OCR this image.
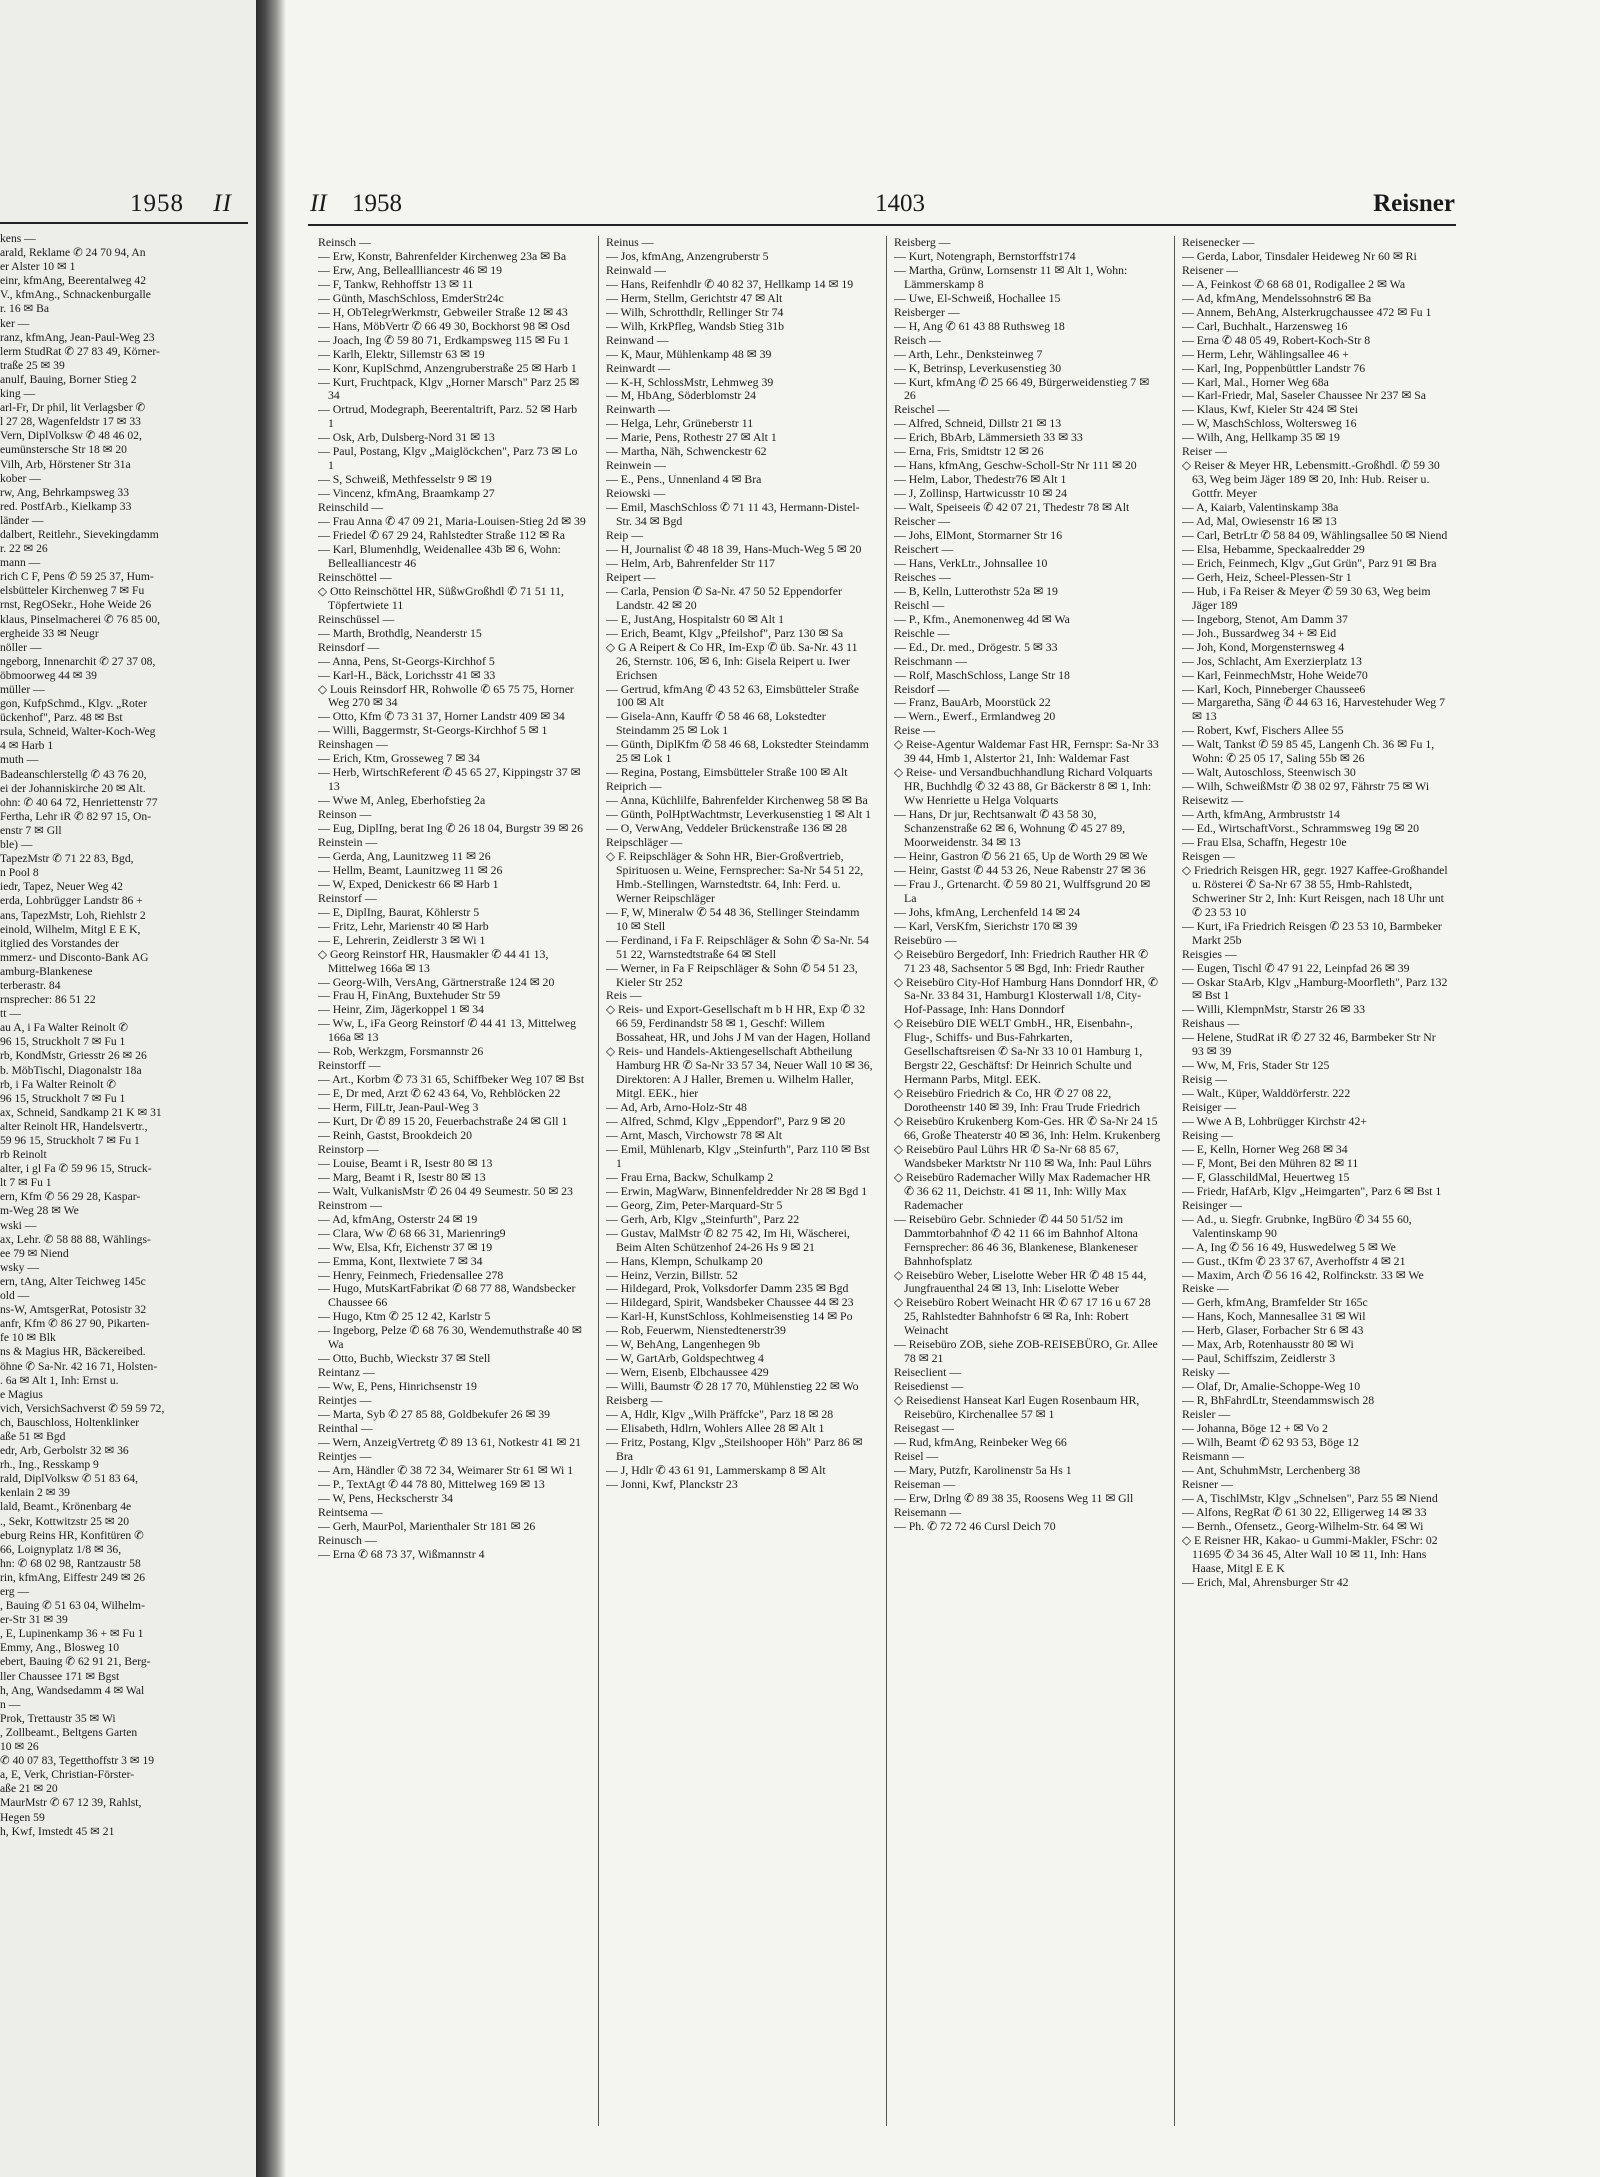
1958 II
kens —
arald, Reklame ✆ 24 70 94, An
er Alster 10 ✉ 1
einr, kfmAng, Beerentalweg 42
V., kfmAng., Schnackenburgalle
r. 16 ✉ Ba
ker —
ranz, kfmAng, Jean-Paul-Weg 23
lerm StudRat ✆ 27 83 49, Körner-
traße 25 ✉ 39
anulf, Bauing, Borner Stieg 2
king —
arl-Fr, Dr phil, lit Verlagsber ✆
l 27 28, Wagenfeldstr 17 ✉ 33
Vern, DiplVolksw ✆ 48 46 02,
eumünstersche Str 18 ✉ 20
Vilh, Arb, Hörstener Str 31a
kober —
rw, Ang, Behrkampsweg 33
red. PostfArb., Kielkamp 33
länder —
dalbert, Reitlehr., Sievekingdamm
r. 22 ✉ 26
mann —
rich C F, Pens ✆ 59 25 37, Hum-
elsbütteler Kirchenweg 7 ✉ Fu
rnst, RegOSekr., Hohe Weide 26
klaus, Pinselmacherei ✆ 76 85 00,
ergheide 33 ✉ Neugr
nöller —
ngeborg, Innenarchit ✆ 27 37 08,
öbmoorweg 44 ✉ 39
müller —
gon, KufpSchmd., Klgv. „Roter
ückenhof", Parz. 48 ✉ Bst
rsula, Schneid, Walter-Koch-Weg
4 ✉ Harb 1
muth —
Badeanschlerstellg ✆ 43 76 20,
ei der Johanniskirche 20 ✉ Alt.
ohn: ✆ 40 64 72, Henriettenstr 77
Fertha, Lehr iR ✆ 82 97 15, On-
enstr 7 ✉ Gll
ble) —
TapezMstr ✆ 71 22 83, Bgd,
n Pool 8
iedr, Tapez, Neuer Weg 42
erda, Lohbrügger Landstr 86 +
ans, TapezMstr, Loh, Riehlstr 2
einold, Wilhelm, Mitgl E E K,
itglied des Vorstandes der
mmerz- und Disconto-Bank AG
amburg-Blankenese
terberastr. 84
rnsprecher: 86 51 22
tt —
au A, i Fa Walter Reinolt ✆
96 15, Struckholt 7 ✉ Fu 1
rb, KondMstr, Griesstr 26 ✉ 26
b. MöbTischl, Diagonalstr 18a
rb, i Fa Walter Reinolt ✆
96 15, Struckholt 7 ✉ Fu 1
ax, Schneid, Sandkamp 21 K ✉ 31
alter Reinolt HR, Handelsvertr.,
59 96 15, Struckholt 7 ✉ Fu 1
rb Reinolt
alter, i gl Fa ✆ 59 96 15, Struck-
lt 7 ✉ Fu 1
ern, Kfm ✆ 56 29 28, Kaspar-
m-Weg 28 ✉ We
wski —
ax, Lehr. ✆ 58 88 88, Wählings-
ee 79 ✉ Niend
wsky —
ern, tAng, Alter Teichweg 145c
old —
ns-W, AmtsgerRat, Potosistr 32
anfr, Kfm ✆ 86 27 90, Pikarten-
fe 10 ✉ Blk
ns & Magius HR, Bäckereibed.
öhne ✆ Sa-Nr. 42 16 71, Holsten-
. 6a ✉ Alt 1, Inh: Ernst u.
e Magius
vich, VersichSachverst ✆ 59 59 72,
ch, Bauschloss, Holtenklinker
aße 51 ✉ Bgd
edr, Arb, Gerbolstr 32 ✉ 36
rh., Ing., Resskamp 9
rald, DiplVolksw ✆ 51 83 64,
kenlain 2 ✉ 39
lald, Beamt., Krönenbarg 4e
., Sekr, Kottwitzstr 25 ✉ 20
eburg Reins HR, Konfitüren ✆
66, Loignyplatz 1/8 ✉ 36,
hn: ✆ 68 02 98, Rantzaustr 58
rin, kfmAng, Eiffestr 249 ✉ 26
erg —
, Bauing ✆ 51 63 04, Wilhelm-
er-Str 31 ✉ 39
, E, Lupinenkamp 36 + ✉ Fu 1
Emmy, Ang., Blosweg 10
ebert, Bauing ✆ 62 91 21, Berg-
ller Chaussee 171 ✉ Bgst
h, Ang, Wandsedamm 4 ✉ Wal
n —
Prok, Trettaustr 35 ✉ Wi
, Zollbeamt., Beltgens Garten
10 ✉ 26
✆ 40 07 83, Tegetthoffstr 3 ✉ 19
a, E, Verk, Christian-Förster-
aße 21 ✉ 20
MaurMstr ✆ 67 12 39, Rahlst,
Hegen 59
h, Kwf, Imstedt 45 ✉ 21
II 1958	1403	Reisner
Reinsch —
— Erw, Konstr, Bahrenfelder Kirchenweg 23a ✉ Ba
— Erw, Ang, Belleallliancestr 46 ✉ 19
— F, Tankw, Rehhoffstr 13 ✉ 11
— Günth, MaschSchloss, EmderStr24c
— H, ObTelegrWerkmstr, Gebweiler Straße 12 ✉ 43
— Hans, MöbVertr ✆ 66 49 30, Bockhorst 98 ✉ Osd
— Joach, Ing ✆ 59 80 71, Erdkampsweg 115 ✉ Fu 1
— Karlh, Elektr, Sillemstr 63 ✉ 19
— Konr, KuplSchmd, Anzengruberstraße 25 ✉ Harb 1
— Kurt, Fruchtpack, Klgv „Horner Marsch" Parz 25 ✉ 34
— Ortrud, Modegraph, Beerentaltrift, Parz. 52 ✉ Harb 1
— Osk, Arb, Dulsberg-Nord 31 ✉ 13
— Paul, Postang, Klgv „Maiglöckchen", Parz 73 ✉ Lo 1
— S, Schweiß, Methfesselstr 9 ✉ 19
— Vincenz, kfmAng, Braamkamp 27
Reinschild —
— Frau Anna ✆ 47 09 21, Maria-Louisen-Stieg 2d ✉ 39
— Friedel ✆ 67 29 24, Rahlstedter Straße 112 ✉ Ra
— Karl, Blumenhdlg, Weidenallee 43b ✉ 6, Wohn: Bellealliancestr 46
Reinschöttel —
◇ Otto Reinschöttel HR, SüßwGroßhdl ✆ 71 51 11, Töpfertwiete 11
Reinschüssel —
— Marth, Brothdlg, Neanderstr 15
Reinsdorf —
— Anna, Pens, St-Georgs-Kirchhof 5
— Karl-H., Bäck, Lorichsstr 41 ✉ 33
◇ Louis Reinsdorf HR, Rohwolle ✆ 65 75 75, Horner Weg 270 ✉ 34
— Otto, Kfm ✆ 73 31 37, Horner Landstr 409 ✉ 34
— Willi, Baggermstr, St-Georgs-Kirchhof 5 ✉ 1
Reinshagen —
— Erich, Ktm, Grosseweg 7 ✉ 34
— Herb, WirtschReferent ✆ 45 65 27, Kippingstr 37 ✉ 13
— Wwe M, Anleg, Eberhofstieg 2a
Reinson —
— Eug, DiplIng, berat Ing ✆ 26 18 04, Burgstr 39 ✉ 26
Reinstein —
— Gerda, Ang, Launitzweg 11 ✉ 26
— Hellm, Beamt, Launitzweg 11 ✉ 26
— W, Exped, Denickestr 66 ✉ Harb 1
Reinstorf —
— E, DiplIng, Baurat, Köhlerstr 5
— Fritz, Lehr, Marienstr 40 ✉ Harb
— E, Lehrerin, Zeidlerstr 3 ✉ Wi 1
◇ Georg Reinstorf HR, Hausmakler ✆ 44 41 13, Mittelweg 166a ✉ 13
— Georg-Wilh, VersAng, Gärtnerstraße 124 ✉ 20
— Frau H, FinAng, Buxtehuder Str 59
— Heinr, Zim, Jägerkoppel 1 ✉ 34
— Ww, L, iFa Georg Reinstorf ✆ 44 41 13, Mittelweg 166a ✉ 13
— Rob, Werkzgm, Forsmannstr 26
Reinstorff —
— Art., Korbm ✆ 73 31 65, Schiffbeker Weg 107 ✉ Bst
— E, Dr med, Arzt ✆ 62 43 64, Vo, Rehblöcken 22
— Herm, FilLtr, Jean-Paul-Weg 3
— Kurt, Dr ✆ 89 15 20, Feuerbachstraße 24 ✉ Gll 1
— Reinh, Gastst, Brookdeich 20
Reinstorp —
— Louise, Beamt i R, Isestr 80 ✉ 13
— Marg, Beamt i R, Isestr 80 ✉ 13
— Walt, VulkanisMstr ✆ 26 04 49 Seumestr. 50 ✉ 23
Reinstrom —
— Ad, kfmAng, Osterstr 24 ✉ 19
— Clara, Ww ✆ 68 66 31, Marienring9
— Ww, Elsa, Kfr, Eichenstr 37 ✉ 19
— Emma, Kont, Ilextwiete 7 ✉ 34
— Henry, Feinmech, Friedensallee 278
— Hugo, MutsKartFabrikat ✆ 68 77 88, Wandsbecker Chaussee 66
— Hugo, Ktm ✆ 25 12 42, Karlstr 5
— Ingeborg, Pelze ✆ 68 76 30, Wendemuthstraße 40 ✉ Wa
— Otto, Buchb, Wieckstr 37 ✉ Stell
Reintanz —
— Ww, E, Pens, Hinrichsenstr 19
Reintjes —
— Marta, Syb ✆ 27 85 88, Goldbekufer 26 ✉ 39
Reinthal —
— Wern, AnzeigVertretg ✆ 89 13 61, Notkestr 41 ✉ 21
Reintjes —
— Arn, Händler ✆ 38 72 34, Weimarer Str 61 ✉ Wi 1
— P., TextAgt ✆ 44 78 80, Mittelweg 169 ✉ 13
— W, Pens, Heckscherstr 34
Reintsema —
— Gerh, MaurPol, Marienthaler Str 181 ✉ 26
Reinusch —
— Erna ✆ 68 73 37, Wißmannstr 4
Reinus —
— Jos, kfmAng, Anzengruberstr 5
Reinwald —
— Hans, Reifenhdlr ✆ 40 82 37, Hellkamp 14 ✉ 19
— Herm, Stellm, Gerichtstr 47 ✉ Alt
— Wilh, Schrotthdlr, Rellinger Str 74
— Wilh, KrkPfleg, Wandsb Stieg 31b
Reinwand —
— K, Maur, Mühlenkamp 48 ✉ 39
Reinwardt —
— K-H, SchlossMstr, Lehmweg 39
— M, HbAng, Söderblomstr 24
Reinwarth —
— Helga, Lehr, Grüneberstr 11
— Marie, Pens, Rothestr 27 ✉ Alt 1
— Martha, Näh, Schwenckestr 62
Reinwein —
— E., Pens., Unnenland 4 ✉ Bra
Reiowski —
— Emil, MaschSchloss ✆ 71 11 43, Hermann-Distel-Str. 34 ✉ Bgd
Reip —
— H, Journalist ✆ 48 18 39, Hans-Much-Weg 5 ✉ 20
— Helm, Arb, Bahrenfelder Str 117
Reipert —
— Carla, Pension ✆ Sa-Nr. 47 50 52 Eppendorfer Landstr. 42 ✉ 20
— E, JustAng, Hospitalstr 60 ✉ Alt 1
— Erich, Beamt, Klgv „Pfeilshof", Parz 130 ✉ Sa
◇ G A Reipert & Co HR, Im-Exp ✆ üb. Sa-Nr. 43 11 26, Sternstr. 106, ✉ 6, Inh: Gisela Reipert u. Iwer Erichsen
— Gertrud, kfmAng ✆ 43 52 63, Eimsbütteler Straße 100 ✉ Alt
— Gisela-Ann, Kauffr ✆ 58 46 68, Lokstedter Steindamm 25 ✉ Lok 1
— Günth, DiplKfm ✆ 58 46 68, Lokstedter Steindamm 25 ✉ Lok 1
— Regina, Postang, Eimsbütteler Straße 100 ✉ Alt
Reiprich —
— Anna, Küchlilfe, Bahrenfelder Kirchenweg 58 ✉ Ba
— Günth, PolHptWachtmstr, Leverkusenstieg 1 ✉ Alt 1
— O, VerwAng, Veddeler Brückenstraße 136 ✉ 28
Reipschläger —
◇ F. Reipschläger & Sohn HR, Bier-Großvertrieb, Spirituosen u. Weine, Fernsprecher: Sa-Nr 54 51 22, Hmb.-Stellingen, Warnstedtstr. 64, Inh: Ferd. u. Werner Reipschläger
— F, W, Mineralw ✆ 54 48 36, Stellinger Steindamm 10 ✉ Stell
— Ferdinand, i Fa F. Reipschläger & Sohn ✆ Sa-Nr. 54 51 22, Warnstedtstraße 64 ✉ Stell
— Werner, in Fa F Reipschläger & Sohn ✆ 54 51 23, Kieler Str 252
Reis —
◇ Reis- und Export-Gesellschaft m b H HR, Exp ✆ 32 66 59, Ferdinandstr 58 ✉ 1, Geschf: Willem Bossaheat, HR, und Johs J M van der Hagen, Holland
◇ Reis- und Handels-Aktiengesellschaft Abtheilung Hamburg HR ✆ Sa-Nr 33 57 34, Neuer Wall 10 ✉ 36, Direktoren: A J Haller, Bremen u. Wilhelm Haller, Mitgl. EEK., hier
— Ad, Arb, Arno-Holz-Str 48
— Alfred, Schmd, Klgv „Eppendorf", Parz 9 ✉ 20
— Arnt, Masch, Virchowstr 78 ✉ Alt
— Emil, Mühlenarb, Klgv „Steinfurth", Parz 110 ✉ Bst 1
— Frau Erna, Backw, Schulkamp 2
— Erwin, MagWarw, Binnenfeldredder Nr 28 ✉ Bgd 1
— Georg, Zim, Peter-Marquard-Str 5
— Gerh, Arb, Klgv „Steinfurth", Parz 22
— Gustav, MalMstr ✆ 82 75 42, Im Hi, Wäscherei, Beim Alten Schützenhof 24-26 Hs 9 ✉ 21
— Hans, Klempn, Schulkamp 20
— Heinz, Verzin, Billstr. 52
— Hildegard, Prok, Volksdorfer Damm 235 ✉ Bgd
— Hildegard, Spirit, Wandsbeker Chaussee 44 ✉ 23
— Karl-H, KunstSchloss, Kohlmeisenstieg 14 ✉ Po
— Rob, Feuerwm, Nienstedtenerstr39
— W, BehAng, Langenhegen 9b
— W, GartArb, Goldspechtweg 4
— Wern, Eisenb, Elbchaussee 429
— Willi, Baumstr ✆ 28 17 70, Mühlenstieg 22 ✉ Wo
Reisberg —
— A, Hdlr, Klgv „Wilh Präffcke", Parz 18 ✉ 28
— Elisabeth, Hdlrn, Wohlers Allee 28 ✉ Alt 1
— Fritz, Postang, Klgv „Steilshooper Höh" Parz 86 ✉ Bra
— J, Hdlr ✆ 43 61 91, Lammerskamp 8 ✉ Alt
— Jonni, Kwf, Planckstr 23
Reisberg —
— Kurt, Notengraph, Bernstorffstr174
— Martha, Grünw, Lornsenstr 11 ✉ Alt 1, Wohn: Lämmerskamp 8
— Uwe, El-Schweiß, Hochallee 15
Reisberger —
— H, Ang ✆ 61 43 88 Ruthsweg 18
Reisch —
— Arth, Lehr., Denksteinweg 7
— K, Betrinsp, Leverkusenstieg 30
— Kurt, kfmAng ✆ 25 66 49, Bürgerweidenstieg 7 ✉ 26
Reischel —
— Alfred, Schneid, Dillstr 21 ✉ 13
— Erich, BbArb, Lämmersieth 33 ✉ 33
— Erna, Fris, Smidtstr 12 ✉ 26
— Hans, kfmAng, Geschw-Scholl-Str Nr 111 ✉ 20
— Helm, Labor, Thedestr76 ✉ Alt 1
— J, Zollinsp, Hartwicusstr 10 ✉ 24
— Walt, Speiseeis ✆ 42 07 21, Thedestr 78 ✉ Alt
Reischer —
— Johs, ElMont, Stormarner Str 16
Reischert —
— Hans, VerkLtr., Johnsallee 10
Reisches —
— B, Kelln, Lutterothstr 52a ✉ 19
Reischl —
— P., Kfm., Anemonenweg 4d ✉ Wa
Reischle —
— Ed., Dr. med., Drögestr. 5 ✉ 33
Reischmann —
— Rolf, MaschSchloss, Lange Str 18
Reisdorf —
— Franz, BauArb, Moorstück 22
— Wern., Ewerf., Ermlandweg 20
Reise —
◇ Reise-Agentur Waldemar Fast HR, Fernspr: Sa-Nr 33 39 44, Hmb 1, Alstertor 21, Inh: Waldemar Fast
◇ Reise- und Versandbuchhandlung Richard Volquarts HR, Buchhdlg ✆ 32 43 88, Gr Bäckerstr 8 ✉ 1, Inh: Ww Henriette u Helga Volquarts
— Hans, Dr jur, Rechtsanwalt ✆ 43 58 30, Schanzenstraße 62 ✉ 6, Wohnung ✆ 45 27 89, Moorweidenstr. 34 ✉ 13
— Heinr, Gastron ✆ 56 21 65, Up de Worth 29 ✉ We
— Heinr, Gastst ✆ 44 53 26, Neue Rabenstr 27 ✉ 36
— Frau J., Grtenarcht. ✆ 59 80 21, Wulffsgrund 20 ✉ La
— Johs, kfmAng, Lerchenfeld 14 ✉ 24
— Karl, VersKfm, Sierichstr 170 ✉ 39
Reisebüro —
◇ Reisebüro Bergedorf, Inh: Friedrich Rauther HR ✆ 71 23 48, Sachsentor 5 ✉ Bgd, Inh: Friedr Rauther
◇ Reisebüro City-Hof Hamburg Hans Donndorf HR, ✆ Sa-Nr. 33 84 31, Hamburg1 Klosterwall 1/8, City-Hof-Passage, Inh: Hans Donndorf
◇ Reisebüro DIE WELT GmbH., HR, Eisenbahn-, Flug-, Schiffs- und Bus-Fahrkarten, Gesellschaftsreisen ✆ Sa-Nr 33 10 01 Hamburg 1, Bergstr 22, Geschäftsf: Dr Heinrich Schulte und Hermann Parbs, Mitgl. EEK.
◇ Reisebüro Friedrich & Co, HR ✆ 27 08 22, Dorotheenstr 140 ✉ 39, Inh: Frau Trude Friedrich
◇ Reisebüro Krukenberg Kom-Ges. HR ✆ Sa-Nr 24 15 66, Große Theaterstr 40 ✉ 36, Inh: Helm. Krukenberg
◇ Reisebüro Paul Lührs HR ✆ Sa-Nr 68 85 67, Wandsbeker Marktstr Nr 110 ✉ Wa, Inh: Paul Lührs
◇ Reisebüro Rademacher Willy Max Rademacher HR ✆ 36 62 11, Deichstr. 41 ✉ 11, Inh: Willy Max Rademacher
— Reisebüro Gebr. Schnieder ✆ 44 50 51/52 im Dammtorbahnhof ✆ 42 11 66 im Bahnhof Altona Fernsprecher: 86 46 36, Blankenese, Blankeneser Bahnhofsplatz
◇ Reisebüro Weber, Liselotte Weber HR ✆ 48 15 44, Jungfrauenthal 24 ✉ 13, Inh: Liselotte Weber
◇ Reisebüro Robert Weinacht HR ✆ 67 17 16 u 67 28 25, Rahlstedter Bahnhofstr 6 ✉ Ra, Inh: Robert Weinacht
— Reisebüro ZOB, siehe ZOB-REISEBÜRO, Gr. Allee 78 ✉ 21
Reiseclient —
Reisedienst —
◇ Reisedienst Hanseat Karl Eugen Rosenbaum HR, Reisebüro, Kirchenallee 57 ✉ 1
Reisegast —
— Rud, kfmAng, Reinbeker Weg 66
Reisel —
— Mary, Putzfr, Karolinenstr 5a Hs 1
Reiseman —
— Erw, Drlng ✆ 89 38 35, Roosens Weg 11 ✉ Gll
Reisemann —
— Ph. ✆ 72 72 46 Cursl Deich 70
Reisenecker —
— Gerda, Labor, Tinsdaler Heideweg Nr 60 ✉ Ri
Reisener —
— A, Feinkost ✆ 68 68 01, Rodigallee 2 ✉ Wa
— Ad, kfmAng, Mendelssohnstr6 ✉ Ba
— Annem, BehAng, Alsterkrugchaussee 472 ✉ Fu 1
— Carl, Buchhalt., Harzensweg 16
— Erna ✆ 48 05 49, Robert-Koch-Str 8
— Herm, Lehr, Wählingsallee 46 +
— Karl, Ing, Poppenbüttler Landstr 76
— Karl, Mal., Horner Weg 68a
— Karl-Friedr, Mal, Saseler Chaussee Nr 237 ✉ Sa
— Klaus, Kwf, Kieler Str 424 ✉ Stei
— W, MaschSchloss, Woltersweg 16
— Wilh, Ang, Hellkamp 35 ✉ 19
Reiser —
◇ Reiser & Meyer HR, Lebensmitt.-Großhdl. ✆ 59 30 63, Weg beim Jäger 189 ✉ 20, Inh: Hub. Reiser u. Gottfr. Meyer
— A, Kaiarb, Valentinskamp 38a
— Ad, Mal, Owiesenstr 16 ✉ 13
— Carl, BetrLtr ✆ 58 84 09, Wählingsallee 50 ✉ Niend
— Elsa, Hebamme, Speckaalredder 29
— Erich, Feinmech, Klgv „Gut Grün", Parz 91 ✉ Bra
— Gerh, Heiz, Scheel-Plessen-Str 1
— Hub, i Fa Reiser & Meyer ✆ 59 30 63, Weg beim Jäger 189
— Ingeborg, Stenot, Am Damm 37
— Joh., Bussardweg 34 + ✉ Eid
— Joh, Kond, Morgensternsweg 4
— Jos, Schlacht, Am Exerzierplatz 13
— Karl, FeinmechMstr, Hohe Weide70
— Karl, Koch, Pinneberger Chaussee6
— Margaretha, Säng ✆ 44 63 16, Harvestehuder Weg 7 ✉ 13
— Robert, Kwf, Fischers Allee 55
— Walt, Tankst ✆ 59 85 45, Langenh Ch. 36 ✉ Fu 1, Wohn: ✆ 25 05 17, Saling 55b ✉ 26
— Walt, Autoschloss, Steenwisch 30
— Wilh, SchweißMstr ✆ 38 02 97, Fährstr 75 ✉ Wi
Reisewitz —
— Arth, kfmAng, Armbruststr 14
— Ed., WirtschaftVorst., Schrammsweg 19g ✉ 20
— Frau Elsa, Schaffn, Hegestr 10e
Reisgen —
◇ Friedrich Reisgen HR, gegr. 1927 Kaffee-Großhandel u. Rösterei ✆ Sa-Nr 67 38 55, Hmb-Rahlstedt, Schweriner Str 2, Inh: Kurt Reisgen, nach 18 Uhr unt ✆ 23 53 10
— Kurt, iFa Friedrich Reisgen ✆ 23 53 10, Barmbeker Markt 25b
Reisgies —
— Eugen, Tischl ✆ 47 91 22, Leinpfad 26 ✉ 39
— Oskar StaArb, Klgv „Hamburg-Moorfleth", Parz 132 ✉ Bst 1
— Willi, KlempnMstr, Starstr 26 ✉ 33
Reishaus —
— Helene, StudRat iR ✆ 27 32 46, Barmbeker Str Nr 93 ✉ 39
— Ww, M, Fris, Stader Str 125
Reisig —
— Walt., Küper, Walddörferstr. 222
Reisiger —
— Wwe A B, Lohbrügger Kirchstr 42+
Reising —
— E, Kelln, Horner Weg 268 ✉ 34
— F, Mont, Bei den Mühren 82 ✉ 11
— F, GlasschildMal, Heuertweg 15
— Friedr, HafArb, Klgv „Heimgarten", Parz 6 ✉ Bst 1
Reisinger —
— Ad., u. Siegfr. Grubnke, IngBüro ✆ 34 55 60, Valentinskamp 90
— A, Ing ✆ 56 16 49, Huswedelweg 5 ✉ We
— Gust., tKfm ✆ 23 37 67, Averhoffstr 4 ✉ 21
— Maxim, Arch ✆ 56 16 42, Rolfinckstr. 33 ✉ We
Reiske —
— Gerh, kfmAng, Bramfelder Str 165c
— Hans, Koch, Mannesallee 31 ✉ Wil
— Herb, Glaser, Forbacher Str 6 ✉ 43
— Max, Arb, Rotenhausstr 80 ✉ Wi
— Paul, Schiffszim, Zeidlerstr 3
Reisky —
— Olaf, Dr, Amalie-Schoppe-Weg 10
— R, BhFahrdLtr, Steendammswisch 28
Reisler —
— Johanna, Böge 12 + ✉ Vo 2
— Wilh, Beamt ✆ 62 93 53, Böge 12
Reismann —
— Ant, SchuhmMstr, Lerchenberg 38
Reisner —
— A, TischlMstr, Klgv „Schnelsen", Parz 55 ✉ Niend
— Alfons, RegRat ✆ 61 30 22, Elligerweg 14 ✉ 33
— Bernh., Ofensetz., Georg-Wilhelm-Str. 64 ✉ Wi
◇ E Reisner HR, Kakao- u Gummi-Makler, FSchr: 02 11695 ✆ 34 36 45, Alter Wall 10 ✉ 11, Inh: Hans Haase, Mitgl E E K
— Erich, Mal, Ahrensburger Str 42
